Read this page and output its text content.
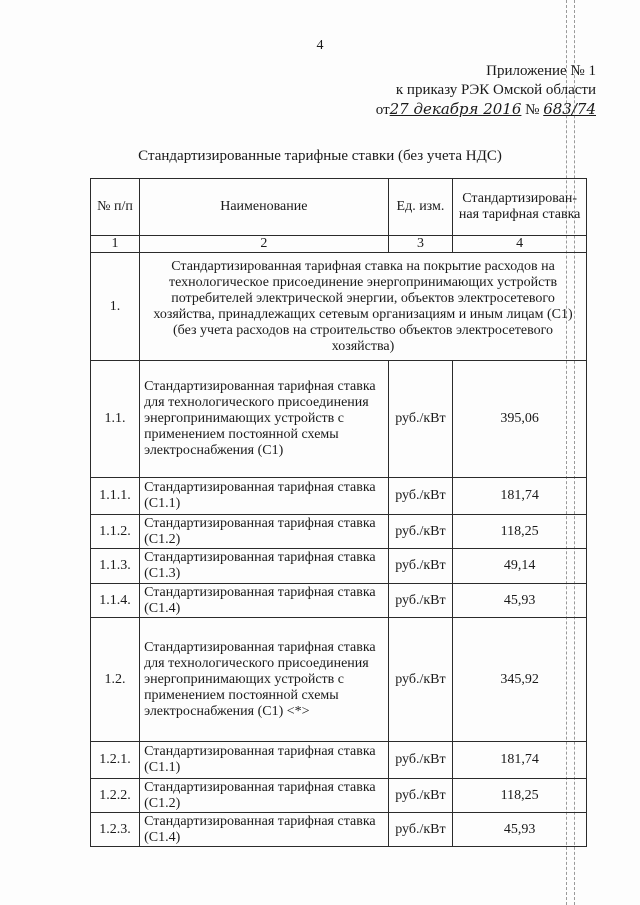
4
Приложение № 1
к приказу РЭК Омской области
от27 декабря 2016 № 683/74
Стандартизированные тарифные ставки (без учета НДС)
№ п/п	Наименование	Ед. изм.	Стандартизирован-ная тарифная ставка
1	2	3	4
1.	Стандартизированная тарифная ставка на покрытие расходов на технологическое присоединение энергопринимающих устройств потребителей электрической энергии, объектов электросетевого хозяйства, принадлежащих сетевым организациям и иным лицам (С1) (без учета расходов на строительство объектов электросетевого хозяйства)		
1.1.	Стандартизированная тарифная ставка для технологического присоединения энергопринимающих устройств с применением постоянной схемы электроснабжения (С1)	руб./кВт	395,06
1.1.1.	Стандартизированная тарифная ставка (С1.1)	руб./кВт	181,74
1.1.2.	Стандартизированная тарифная ставка (С1.2)	руб./кВт	118,25
1.1.3.	Стандартизированная тарифная ставка (С1.3)	руб./кВт	49,14
1.1.4.	Стандартизированная тарифная ставка (С1.4)	руб./кВт	45,93
1.2.	Стандартизированная тарифная ставка для технологического присоединения энергопринимающих устройств с применением постоянной схемы электроснабжения (С1) <*>	руб./кВт	345,92
1.2.1.	Стандартизированная тарифная ставка (С1.1)	руб./кВт	181,74
1.2.2.	Стандартизированная тарифная ставка (С1.2)	руб./кВт	118,25
1.2.3.	Стандартизированная тарифная ставка (С1.4)	руб./кВт	45,93
